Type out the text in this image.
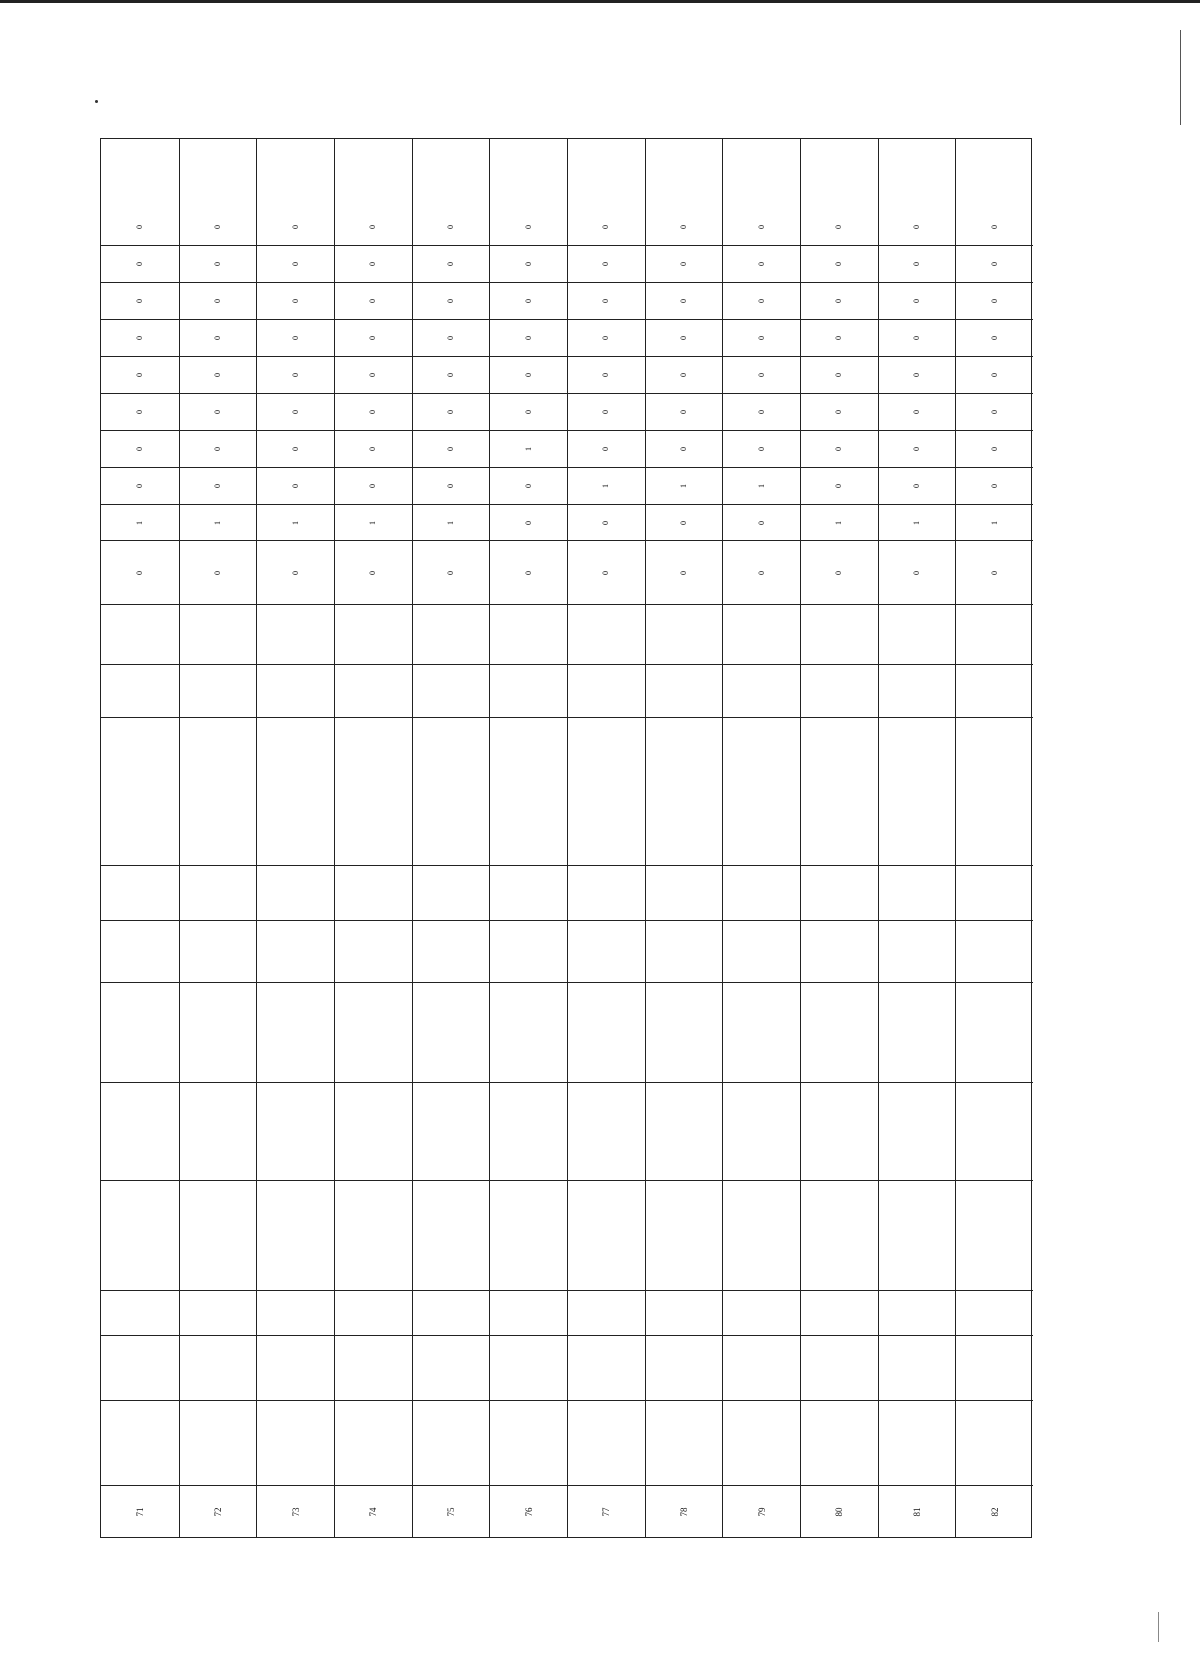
71
0
1
0
0
0
0
0
0
0
0
72
0
1
0
0
0
0
0
0
0
0
73
0
1
0
0
0
0
0
0
0
0
74
0
1
0
0
0
0
0
0
0
0
75
0
1
0
0
0
0
0
0
0
0
76
0
0
0
1
0
0
0
0
0
0
77
0
0
1
0
0
0
0
0
0
0
78
0
0
1
0
0
0
0
0
0
0
79
0
0
1
0
0
0
0
0
0
0
80
0
1
0
0
0
0
0
0
0
0
81
0
1
0
0
0
0
0
0
0
0
82
0
1
0
0
0
0
0
0
0
0
